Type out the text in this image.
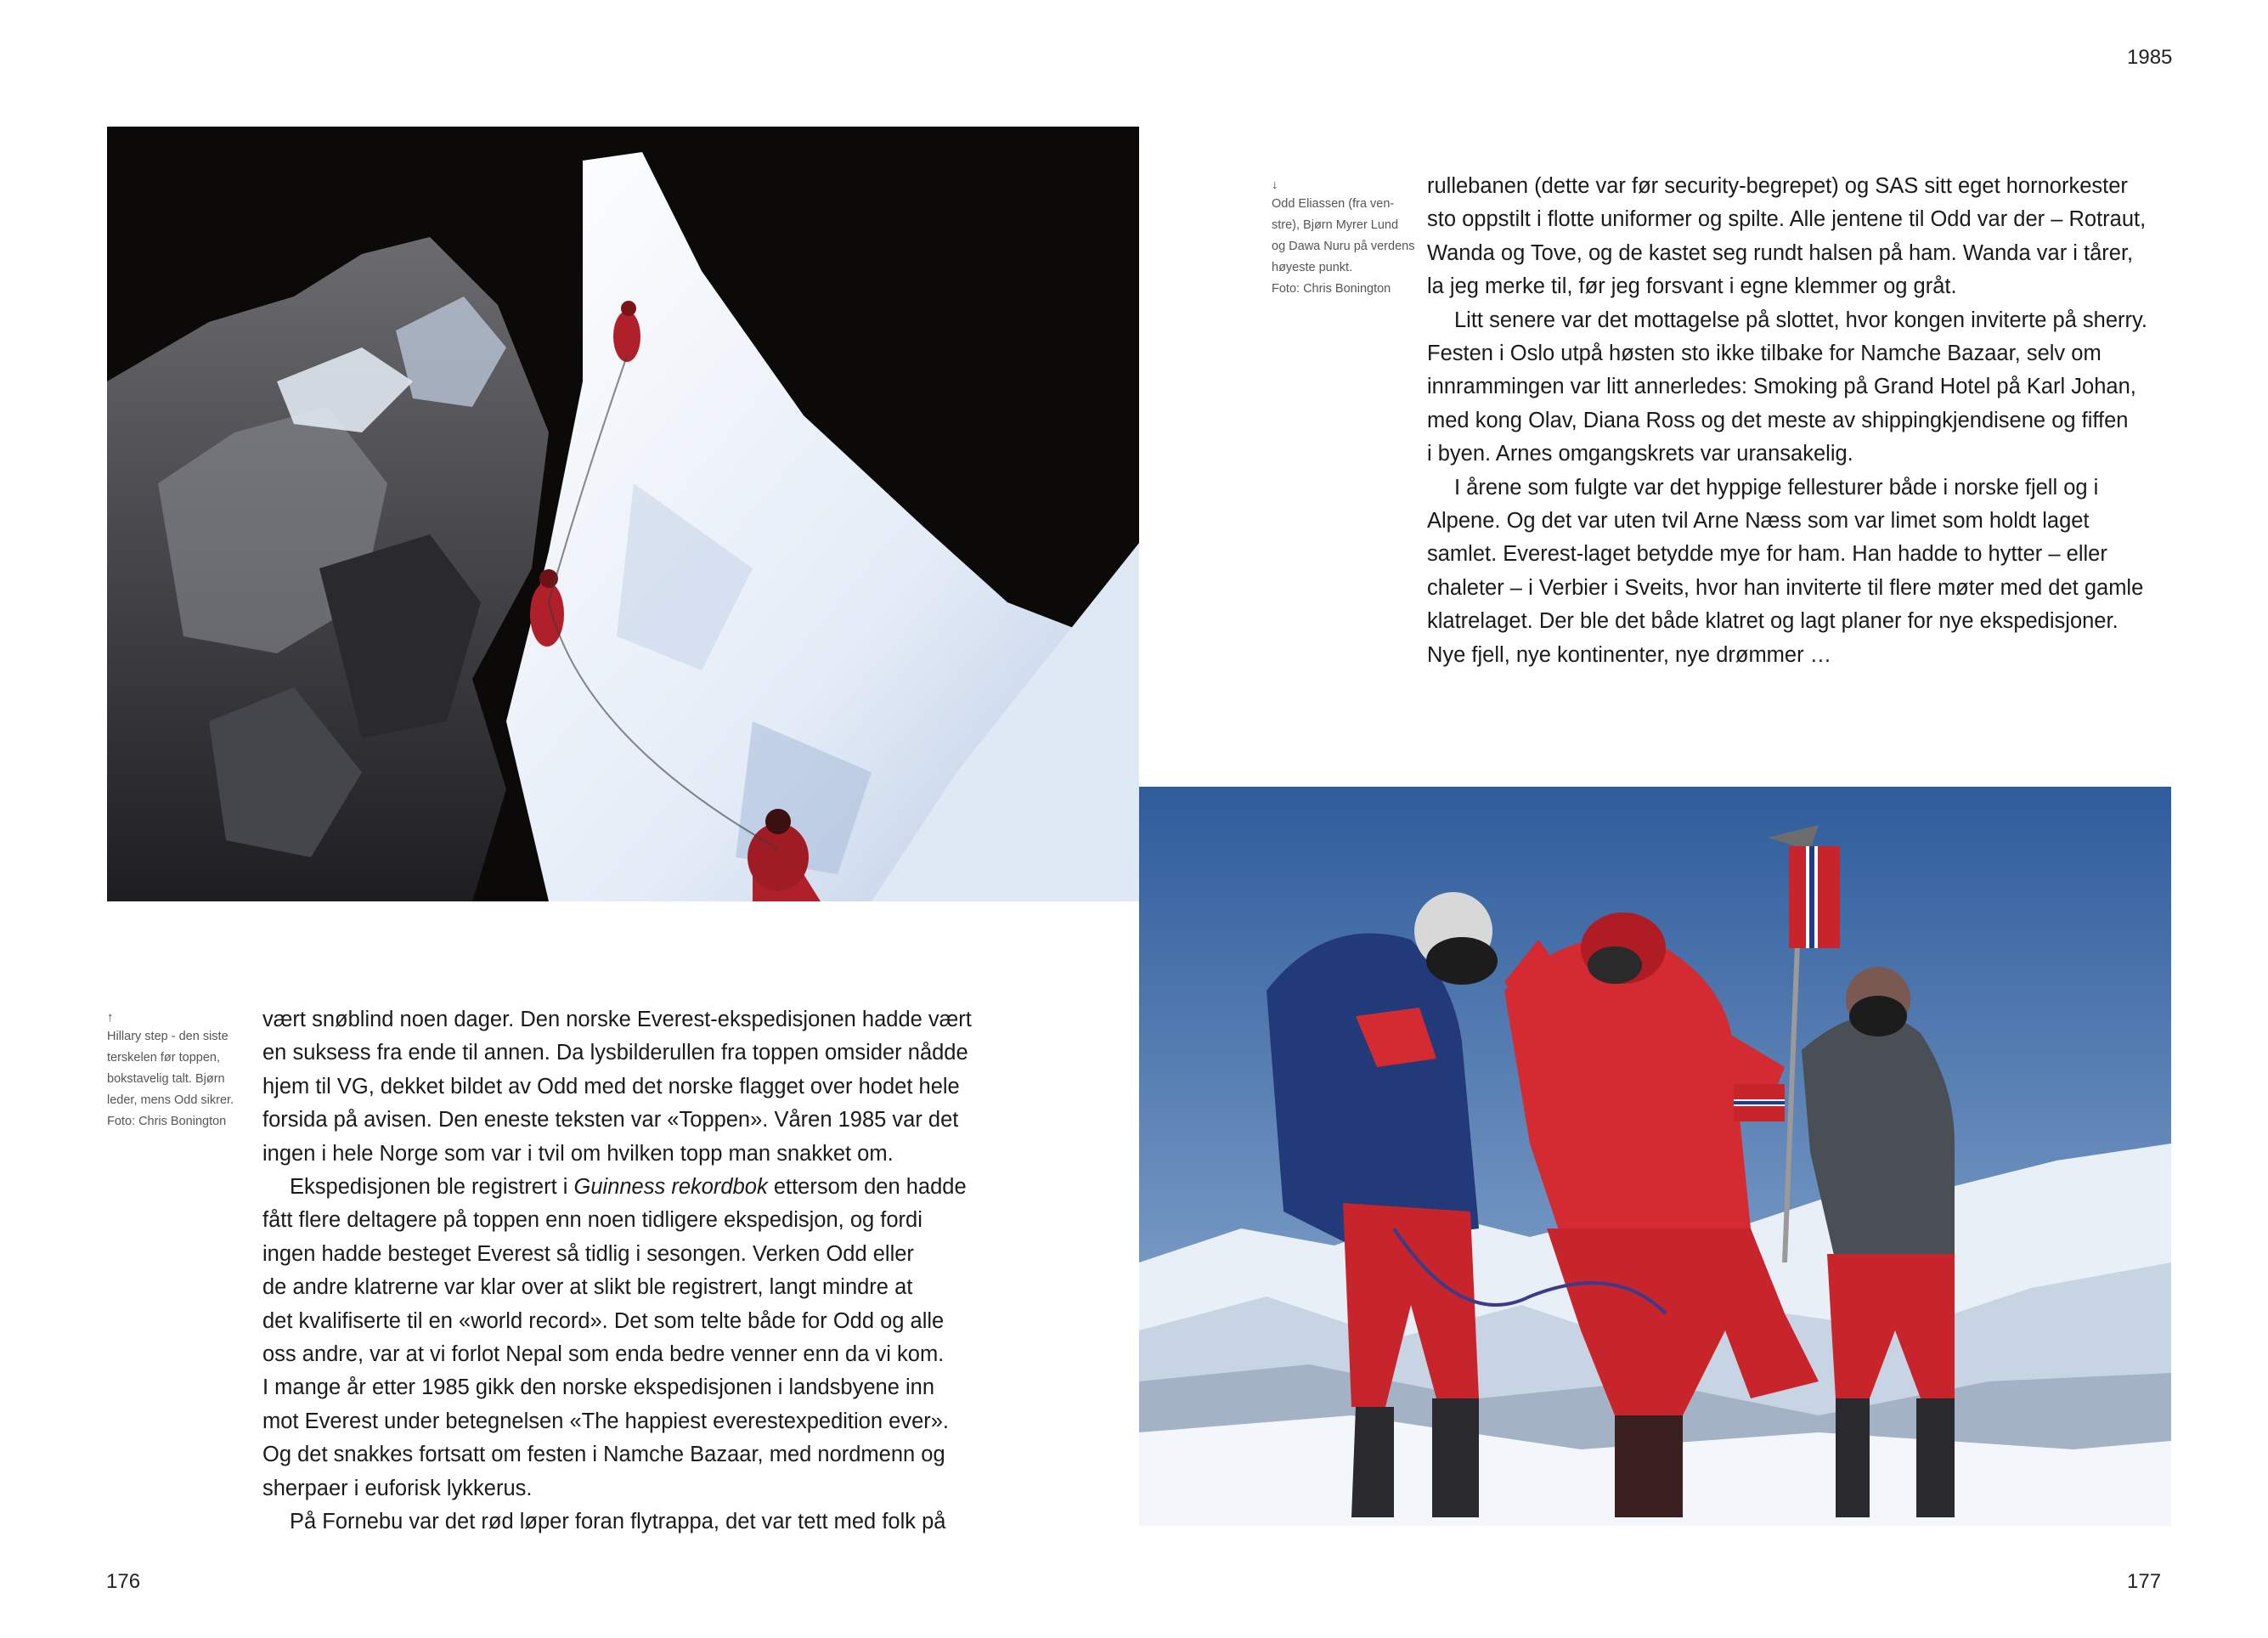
1985
176	177
↓
Odd Eliassen (fra ven-
stre), Bjørn Myrer Lund
og Dawa Nuru på verdens
høyeste punkt.
Foto: Chris Bonington
↑
Hillary step - den siste
terskelen før toppen,
bokstavelig talt. Bjørn
leder, mens Odd sikrer.
Foto: Chris Bonington
rullebanen (dette var før security-begrepet) og SAS sitt eget hornorkester
sto oppstilt i flotte uniformer og spilte. Alle jentene til Odd var der – Rotraut,
Wanda og Tove, og de kastet seg rundt halsen på ham. Wanda var i tårer,
la jeg merke til, før jeg forsvant i egne klemmer og gråt.
Litt senere var det mottagelse på slottet, hvor kongen inviterte på sherry.
Festen i Oslo utpå høsten sto ikke tilbake for Namche Bazaar, selv om
innrammingen var litt annerledes: Smoking på Grand Hotel på Karl Johan,
med kong Olav, Diana Ross og det meste av shippingkjendisene og fiffen
i byen. Arnes omgangskrets var uransakelig.
I årene som fulgte var det hyppige fellesturer både i norske fjell og i
Alpene. Og det var uten tvil Arne Næss som var limet som holdt laget
samlet. Everest-laget betydde mye for ham. Han hadde to hytter – eller
chaleter – i Verbier i Sveits, hvor han inviterte til flere møter med det gamle
klatrelaget. Der ble det både klatret og lagt planer for nye ekspedisjoner.
Nye fjell, nye kontinenter, nye drømmer …
vært snøblind noen dager. Den norske Everest-ekspedisjonen hadde vært
en suksess fra ende til annen. Da lysbilderullen fra toppen omsider nådde
hjem til VG, dekket bildet av Odd med det norske flagget over hodet hele
forsida på avisen. Den eneste teksten var «Toppen». Våren 1985 var det
ingen i hele Norge som var i tvil om hvilken topp man snakket om.
Ekspedisjonen ble registrert i Guinness rekordbok ettersom den hadde
fått flere deltagere på toppen enn noen tidligere ekspedisjon, og fordi
ingen hadde besteget Everest så tidlig i sesongen. Verken Odd eller
de andre klatrerne var klar over at slikt ble registrert, langt mindre at
det kvalifiserte til en «world record». Det som telte både for Odd og alle
oss andre, var at vi forlot Nepal som enda bedre venner enn da vi kom.
I mange år etter 1985 gikk den norske ekspedisjonen i landsbyene inn
mot Everest under betegnelsen «The happiest everestexpedition ever».
Og det snakkes fortsatt om festen i Namche Bazaar, med nordmenn og
sherpaer i euforisk lykkerus.
På Fornebu var det rød løper foran flytrappa, det var tett med folk på
